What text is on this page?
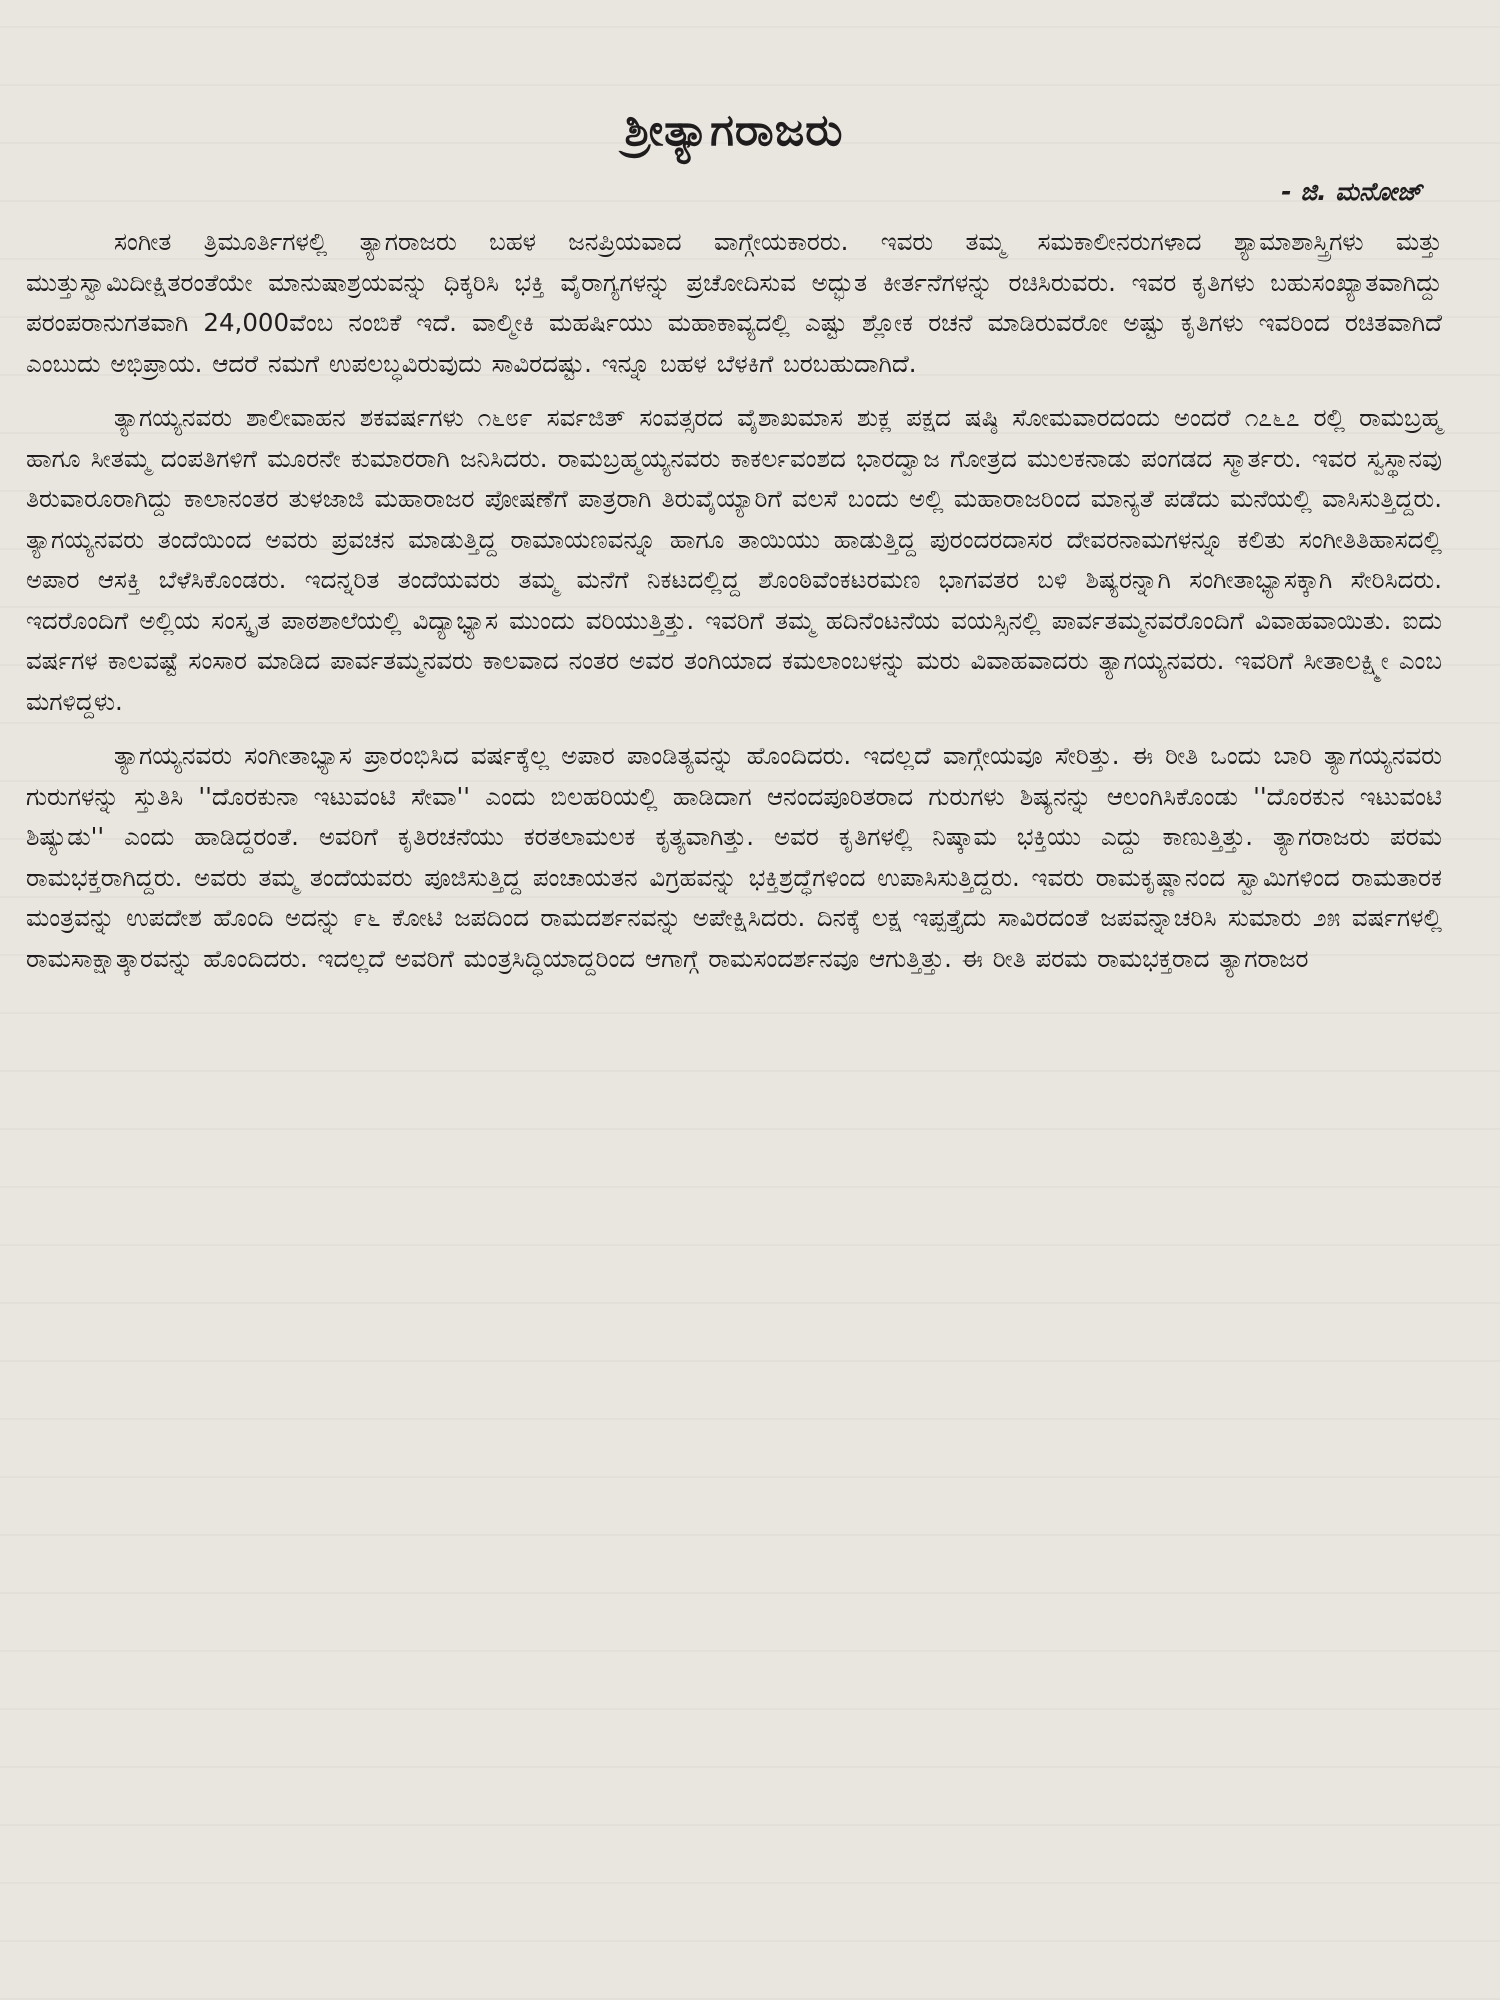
ಶ್ರೀತ್ಯಾಗರಾಜರು
- ಜಿ. ಮನೋಜ್

ಸಂಗೀತ ತ್ರಿಮೂರ್ತಿಗಳಲ್ಲಿ ತ್ಯಾಗರಾಜರು ಬಹಳ ಜನಪ್ರಿಯವಾದ ವಾಗ್ಗೇಯಕಾರರು. ಇವರು ತಮ್ಮ ಸಮಕಾಲೀನರುಗಳಾದ ಶ್ಯಾಮಾಶಾಸ್ತ್ರಿಗಳು ಮತ್ತು ಮುತ್ತುಸ್ವಾಮಿದೀಕ್ಷಿತರಂತೆಯೇ ಮಾನುಷಾಶ್ರಯವನ್ನು ಧಿಕ್ಕರಿಸಿ ಭಕ್ತಿ ವೈರಾಗ್ಯಗಳನ್ನು ಪ್ರಚೋದಿಸುವ ಅದ್ಭುತ ಕೀರ್ತನೆಗಳನ್ನು ರಚಿಸಿರುವರು. ಇವರ ಕೃತಿಗಳು ಬಹುಸಂಖ್ಯಾತವಾಗಿದ್ದು ಪರಂಪರಾನುಗತವಾಗಿ 24,000ವೆಂಬ ನಂಬಿಕೆ ಇದೆ. ವಾಲ್ಮೀಕಿ ಮಹರ್ಷಿಯು ಮಹಾಕಾವ್ಯದಲ್ಲಿ ಎಷ್ಟು ಶ್ಲೋಕ ರಚನೆ ಮಾಡಿರುವರೋ ಅಷ್ಟು ಕೃತಿಗಳು ಇವರಿಂದ ರಚಿತವಾಗಿದೆ ಎಂಬುದು ಅಭಿಪ್ರಾಯ. ಆದರೆ ನಮಗೆ ಉಪಲಬ್ಧವಿರುವುದು ಸಾವಿರದಷ್ಟು. ಇನ್ನೂ ಬಹಳ ಬೆಳಕಿಗೆ ಬರಬಹುದಾಗಿದೆ.

ತ್ಯಾಗಯ್ಯನವರು ಶಾಲೀವಾಹನ ಶಕವರ್ಷಗಳು ೧೬೮೯ ಸರ್ವಜಿತ್ ಸಂವತ್ಸರದ ವೈಶಾಖಮಾಸ ಶುಕ್ಲ ಪಕ್ಷದ ಷಷ್ಠಿ ಸೋಮವಾರದಂದು ಅಂದರೆ ೧೭೬೭ ರಲ್ಲಿ ರಾಮಬ್ರಹ್ಮ ಹಾಗೂ ಸೀತಮ್ಮ ದಂಪತಿಗಳಿಗೆ ಮೂರನೇ ಕುಮಾರರಾಗಿ ಜನಿಸಿದರು. ರಾಮಬ್ರಹ್ಮಯ್ಯನವರು ಕಾಕರ್ಲವಂಶದ ಭಾರದ್ವಾಜ ಗೋತ್ರದ ಮುಲಕನಾಡು ಪಂಗಡದ ಸ್ಮಾರ್ತರು. ಇವರ ಸ್ವಸ್ಥಾನವು ತಿರುವಾರೂರಾಗಿದ್ದು ಕಾಲಾನಂತರ ತುಳಜಾಜಿ ಮಹಾರಾಜರ ಪೋಷಣೆಗೆ ಪಾತ್ರರಾಗಿ ತಿರುವೈಯ್ಯಾರಿಗೆ ವಲಸೆ ಬಂದು ಅಲ್ಲಿ ಮಹಾರಾಜರಿಂದ ಮಾನ್ಯತೆ ಪಡೆದು ಮನೆಯಲ್ಲಿ ವಾಸಿಸುತ್ತಿದ್ದರು. ತ್ಯಾಗಯ್ಯನವರು ತಂದೆಯಿಂದ ಅವರು ಪ್ರವಚನ ಮಾಡುತ್ತಿದ್ದ ರಾಮಾಯಣವನ್ನೂ ಹಾಗೂ ತಾಯಿಯು ಹಾಡುತ್ತಿದ್ದ ಪುರಂದರದಾಸರ ದೇವರನಾಮಗಳನ್ನೂ ಕಲಿತು ಸಂಗೀತಿತಿಹಾಸದಲ್ಲಿ ಅಪಾರ ಆಸಕ್ತಿ ಬೆಳೆಸಿಕೊಂಡರು. ಇದನ್ನರಿತ ತಂದೆಯವರು ತಮ್ಮ ಮನೆಗೆ ನಿಕಟದಲ್ಲಿದ್ದ ಶೊಂಠಿವೆಂಕಟರಮಣ ಭಾಗವತರ ಬಳಿ ಶಿಷ್ಯರನ್ನಾಗಿ ಸಂಗೀತಾಭ್ಯಾಸಕ್ಕಾಗಿ ಸೇರಿಸಿದರು. ಇದರೊಂದಿಗೆ ಅಲ್ಲಿಯ ಸಂಸ್ಕೃತ ಪಾಠಶಾಲೆಯಲ್ಲಿ ವಿದ್ಯಾಭ್ಯಾಸ ಮುಂದು ವರಿಯುತ್ತಿತ್ತು. ಇವರಿಗೆ ತಮ್ಮ ಹದಿನೆಂಟನೆಯ ವಯಸ್ಸಿನಲ್ಲಿ ಪಾರ್ವತಮ್ಮನವರೊಂದಿಗೆ ವಿವಾಹವಾಯಿತು. ಐದು ವರ್ಷಗಳ ಕಾಲವಷ್ಟೆ ಸಂಸಾರ ಮಾಡಿದ ಪಾರ್ವತಮ್ಮನವರು ಕಾಲವಾದ ನಂತರ ಅವರ ತಂಗಿಯಾದ ಕಮಲಾಂಬಳನ್ನು ಮರು ವಿವಾಹವಾದರು ತ್ಯಾಗಯ್ಯನವರು. ಇವರಿಗೆ ಸೀತಾಲಕ್ಷ್ಮೀ ಎಂಬ ಮಗಳಿದ್ದಳು.

ತ್ಯಾಗಯ್ಯನವರು ಸಂಗೀತಾಭ್ಯಾಸ ಪ್ರಾರಂಭಿಸಿದ ವರ್ಷಕ್ಕೆಲ್ಲ ಅಪಾರ ಪಾಂಡಿತ್ಯವನ್ನು ಹೊಂದಿದರು. ಇದಲ್ಲದೆ ವಾಗ್ಗೇಯವೂ ಸೇರಿತ್ತು. ಈ ರೀತಿ ಒಂದು ಬಾರಿ ತ್ಯಾಗಯ್ಯನವರು ಗುರುಗಳನ್ನು ಸ್ತುತಿಸಿ ''ದೊರಕುನಾ ಇಟುವಂಟಿ ಸೇವಾ'' ಎಂದು ಬಿಲಹರಿಯಲ್ಲಿ ಹಾಡಿದಾಗ ಆನಂದಪೂರಿತರಾದ ಗುರುಗಳು ಶಿಷ್ಯನನ್ನು ಆಲಂಗಿಸಿಕೊಂಡು ''ದೊರಕುನ ಇಟುವಂಟಿ ಶಿಷ್ಯುಡು'' ಎಂದು ಹಾಡಿದ್ದರಂತೆ. ಅವರಿಗೆ ಕೃತಿರಚನೆಯು ಕರತಲಾಮಲಕ ಕೃತ್ಯವಾಗಿತ್ತು. ಅವರ ಕೃತಿಗಳಲ್ಲಿ ನಿಷ್ಕಾಮ ಭಕ್ತಿಯು ಎದ್ದು ಕಾಣುತ್ತಿತ್ತು. ತ್ಯಾಗರಾಜರು ಪರಮ ರಾಮಭಕ್ತರಾಗಿದ್ದರು. ಅವರು ತಮ್ಮ ತಂದೆಯವರು ಪೂಜಿಸುತ್ತಿದ್ದ ಪಂಚಾಯತನ ವಿಗ್ರಹವನ್ನು ಭಕ್ತಿಶ್ರದ್ಧೆಗಳಿಂದ ಉಪಾಸಿಸುತ್ತಿದ್ದರು. ಇವರು ರಾಮಕೃಷ್ಣಾನಂದ ಸ್ವಾಮಿಗಳಿಂದ ರಾಮತಾರಕ ಮಂತ್ರವನ್ನು ಉಪದೇಶ ಹೊಂದಿ ಅದನ್ನು ೯೬ ಕೋಟಿ ಜಪದಿಂದ ರಾಮದರ್ಶನವನ್ನು ಅಪೇಕ್ಷಿಸಿದರು. ದಿನಕ್ಕೆ ಲಕ್ಷ ಇಪ್ಪತ್ತೈದು ಸಾವಿರದಂತೆ ಜಪವನ್ನಾಚರಿಸಿ ಸುಮಾರು ೨೫ ವರ್ಷಗಳಲ್ಲಿ ರಾಮಸಾಕ್ಷಾತ್ಕಾರವನ್ನು ಹೊಂದಿದರು. ಇದಲ್ಲದೆ ಅವರಿಗೆ ಮಂತ್ರಸಿದ್ಧಿಯಾದ್ದರಿಂದ ಆಗಾಗ್ಗೆ ರಾಮಸಂದರ್ಶನವೂ ಆಗುತ್ತಿತ್ತು. ಈ ರೀತಿ ಪರಮ ರಾಮಭಕ್ತರಾದ ತ್ಯಾಗರಾಜರ
